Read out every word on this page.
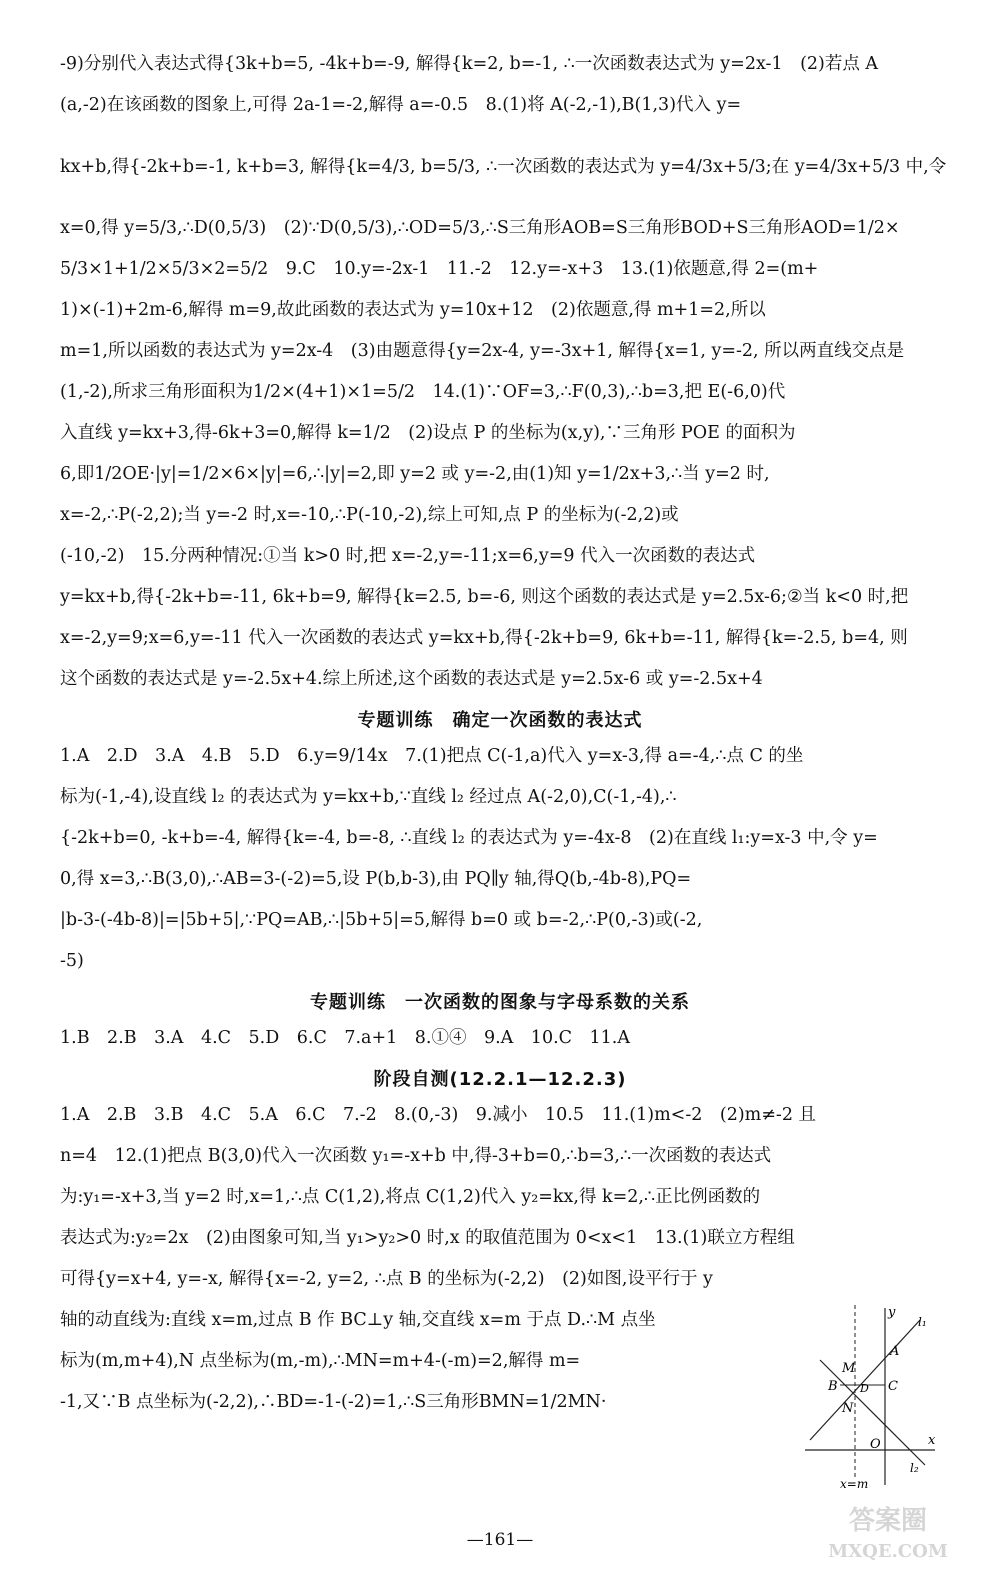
-9)分别代入表达式得{3k+b=5, -4k+b=-9, 解得{k=2, b=-1, ∴一次函数表达式为 y=2x-1　(2)若点 A
(a,-2)在该函数的图象上,可得 2a-1=-2,解得 a=-0.5　8.(1)将 A(-2,-1),B(1,3)代入 y=
kx+b,得{-2k+b=-1, k+b=3, 解得{k=4/3, b=5/3, ∴一次函数的表达式为 y=4/3x+5/3;在 y=4/3x+5/3 中,令
x=0,得 y=5/3,∴D(0,5/3)　(2)∵D(0,5/3),∴OD=5/3,∴S三角形AOB=S三角形BOD+S三角形AOD=1/2×
5/3×1+1/2×5/3×2=5/2　9.C　10.y=-2x-1　11.-2　12.y=-x+3　13.(1)依题意,得 2=(m+
1)×(-1)+2m-6,解得 m=9,故此函数的表达式为 y=10x+12　(2)依题意,得 m+1=2,所以
m=1,所以函数的表达式为 y=2x-4　(3)由题意得{y=2x-4, y=-3x+1, 解得{x=1, y=-2, 所以两直线交点是
(1,-2),所求三角形面积为1/2×(4+1)×1=5/2　14.(1)∵OF=3,∴F(0,3),∴b=3,把 E(-6,0)代
入直线 y=kx+3,得-6k+3=0,解得 k=1/2　(2)设点 P 的坐标为(x,y),∵三角形 POE 的面积为
6,即1/2OE·|y|=1/2×6×|y|=6,∴|y|=2,即 y=2 或 y=-2,由(1)知 y=1/2x+3,∴当 y=2 时,
x=-2,∴P(-2,2);当 y=-2 时,x=-10,∴P(-10,-2),综上可知,点 P 的坐标为(-2,2)或
(-10,-2)　15.分两种情况:①当 k>0 时,把 x=-2,y=-11;x=6,y=9 代入一次函数的表达式
y=kx+b,得{-2k+b=-11, 6k+b=9, 解得{k=2.5, b=-6, 则这个函数的表达式是 y=2.5x-6;②当 k<0 时,把
x=-2,y=9;x=6,y=-11 代入一次函数的表达式 y=kx+b,得{-2k+b=9, 6k+b=-11, 解得{k=-2.5, b=4, 则
这个函数的表达式是 y=-2.5x+4.综上所述,这个函数的表达式是 y=2.5x-6 或 y=-2.5x+4
专题训练　确定一次函数的表达式
1.A　2.D　3.A　4.B　5.D　6.y=9/14x　7.(1)把点 C(-1,a)代入 y=x-3,得 a=-4,∴点 C 的坐
标为(-1,-4),设直线 l₂ 的表达式为 y=kx+b,∵直线 l₂ 经过点 A(-2,0),C(-1,-4),∴
{-2k+b=0, -k+b=-4, 解得{k=-4, b=-8, ∴直线 l₂ 的表达式为 y=-4x-8　(2)在直线 l₁:y=x-3 中,令 y=
0,得 x=3,∴B(3,0),∴AB=3-(-2)=5,设 P(b,b-3),由 PQ∥y 轴,得Q(b,-4b-8),PQ=
|b-3-(-4b-8)|=|5b+5|,∵PQ=AB,∴|5b+5|=5,解得 b=0 或 b=-2,∴P(0,-3)或(-2,
-5)
专题训练　一次函数的图象与字母系数的关系
1.B　2.B　3.A　4.C　5.D　6.C　7.a+1　8.①④　9.A　10.C　11.A
阶段自测(12.2.1—12.2.3)
1.A　2.B　3.B　4.C　5.A　6.C　7.-2　8.(0,-3)　9.减小　10.5　11.(1)m<-2　(2)m≠-2 且
n=4　12.(1)把点 B(3,0)代入一次函数 y₁=-x+b 中,得-3+b=0,∴b=3,∴一次函数的表达式
为:y₁=-x+3,当 y=2 时,x=1,∴点 C(1,2),将点 C(1,2)代入 y₂=kx,得 k=2,∴正比例函数的
表达式为:y₂=2x　(2)由图象可知,当 y₁>y₂>0 时,x 的取值范围为 0<x<1　13.(1)联立方程组
可得{y=x+4, y=-x, 解得{x=-2, y=2, ∴点 B 的坐标为(-2,2)　(2)如图,设平行于 y
轴的动直线为:直线 x=m,过点 B 作 BC⊥y 轴,交直线 x=m 于点 D.∴M 点坐
标为(m,m+4),N 点坐标为(m,-m),∴MN=m+4-(-m)=2,解得 m=
-1,又∵B 点坐标为(-2,2),∴BD=-1-(-2)=1,∴S三角形BMN=1/2MN·
y
l₁
A
M
B D C
N
O	x
l₂
x=m
—161—
答案圈
MXQE.COM
